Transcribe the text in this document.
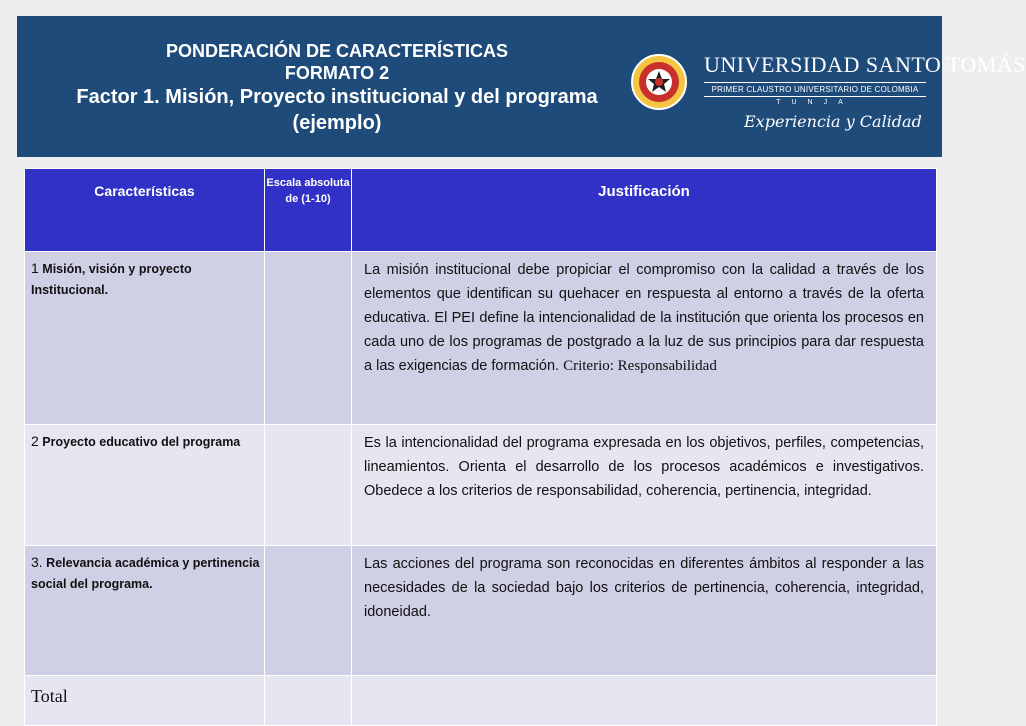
PONDERACIÓN DE CARACTERÍSTICAS
FORMATO 2
Factor 1. Misión, Proyecto institucional y del programa (ejemplo)
UNIVERSIDAD SANTO TOMÁS
PRIMER CLAUSTRO UNIVERSITARIO DE COLOMBIA
TUNJA
Experiencia y Calidad
Características	Escala absoluta de (1-10)	Justificación
1 Misión, visión y proyecto Institucional.		La misión institucional debe propiciar el compromiso con la calidad a través de los elementos que identifican su quehacer en respuesta al entorno a través de la oferta educativa. El PEI define la intencionalidad de la institución que orienta los procesos en cada uno de los programas de postgrado a la luz de sus principios para dar respuesta a las exigencias de formación. Criterio: Responsabilidad
2 Proyecto educativo del programa		Es la intencionalidad del programa expresada en los objetivos, perfiles, competencias, lineamientos. Orienta el desarrollo de los procesos académicos e investigativos. Obedece a los criterios de responsabilidad, coherencia, pertinencia, integridad.
3. Relevancia académica y pertinencia social del programa.		Las acciones del programa son reconocidas en diferentes ámbitos al responder a las necesidades de la sociedad bajo los criterios de pertinencia, coherencia, integridad, idoneidad.
Total		
